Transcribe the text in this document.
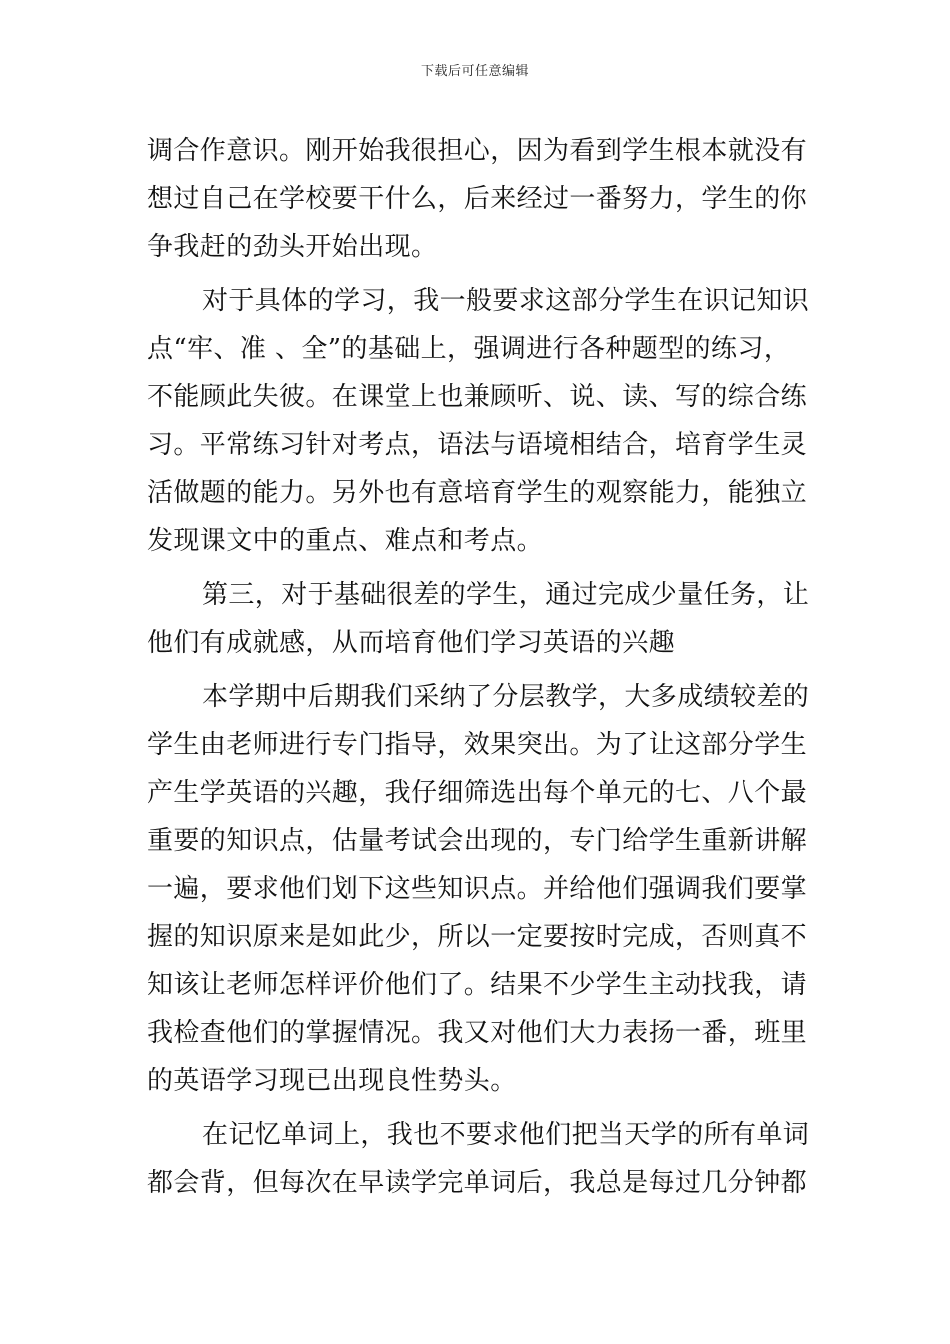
下载后可任意编辑
调合作意识。刚开始我很担心，因为看到学生根本就没有
想过自己在学校要干什么，后来经过一番努力，学生的你
争我赶的劲头开始出现。
对于具体的学习，我一般要求这部分学生在识记知识
点“牢、准 、全”的基础上，强调进行各种题型的练习，
不能顾此失彼。在课堂上也兼顾听、说、读、写的综合练
习。平常练习针对考点，语法与语境相结合，培育学生灵
活做题的能力。另外也有意培育学生的观察能力，能独立
发现课文中的重点、难点和考点。
第三，对于基础很差的学生，通过完成少量任务，让
他们有成就感，从而培育他们学习英语的兴趣
本学期中后期我们采纳了分层教学，大多成绩较差的
学生由老师进行专门指导，效果突出。为了让这部分学生
产生学英语的兴趣，我仔细筛选出每个单元的七、八个最
重要的知识点，估量考试会出现的，专门给学生重新讲解
一遍，要求他们划下这些知识点。并给他们强调我们要掌
握的知识原来是如此少，所以一定要按时完成，否则真不
知该让老师怎样评价他们了。结果不少学生主动找我，请
我检查他们的掌握情况。我又对他们大力表扬一番，班里
的英语学习现已出现良性势头。
在记忆单词上，我也不要求他们把当天学的所有单词
都会背，但每次在早读学完单词后，我总是每过几分钟都
